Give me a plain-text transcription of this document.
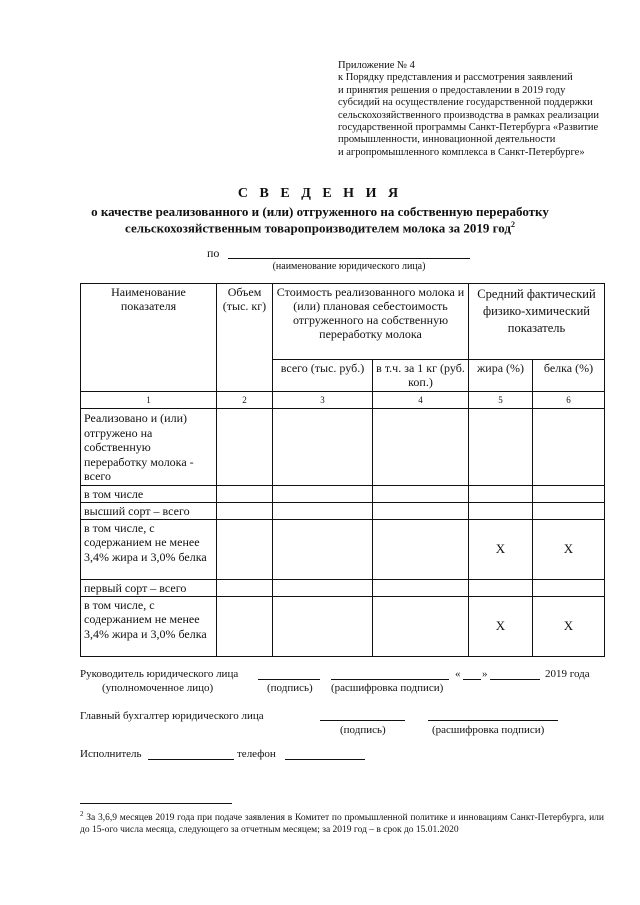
Приложение № 4
к Порядку представления и рассмотрения заявлений
и принятия решения о предоставлении в 2019 году
субсидий на осуществление государственной поддержки
сельскохозяйственного производства в рамках реализации
государственной программы Санкт-Петербурга «Развитие
промышленности, инновационной деятельности
и агропромышленного комплекса в Санкт-Петербурге»
С В Е Д Е Н И Я
о качестве реализованного и (или) отгруженного на собственную переработку
сельскохозяйственным товаропроизводителем молока за 2019 год$^2$
по
(наименование юридического лица)
Наименование показателя	Объем (тыс. кг)	Стоимость реализованного молока и (или) плановая себестоимость отгруженного на собственную переработку молока		Средний фактический физико-химический показатель	
		всего (тыс. руб.)	в т.ч. за 1 кг (руб. коп.)	жира (%)	белка (%)
1	2	3	4	5	6
Реализовано и (или) отгружено на собственную переработку молока - всего					
в том числе					
высший сорт – всего					
в том числе, с содержанием не менее 3,4% жира и 3,0% белка				X	X
первый сорт – всего					
в том числе, с содержанием не менее 3,4% жира и 3,0% белка				X	X
Руководитель юридического лица	« »	2019 года
(уполномоченное лицо)	(подпись) (расшифровка подписи)
Главный бухгалтер юридического лица
(подпись)	(расшифровка подписи)
Исполнитель	телефон
$^2$ За 3,6,9 месяцев 2019 года при подаче заявления в Комитет по промышленной политике и инновациям Санкт-Петербурга, или до 15-ого числа месяца, следующего за отчетным месяцем; за 2019 год – в срок до 15.01.2020
